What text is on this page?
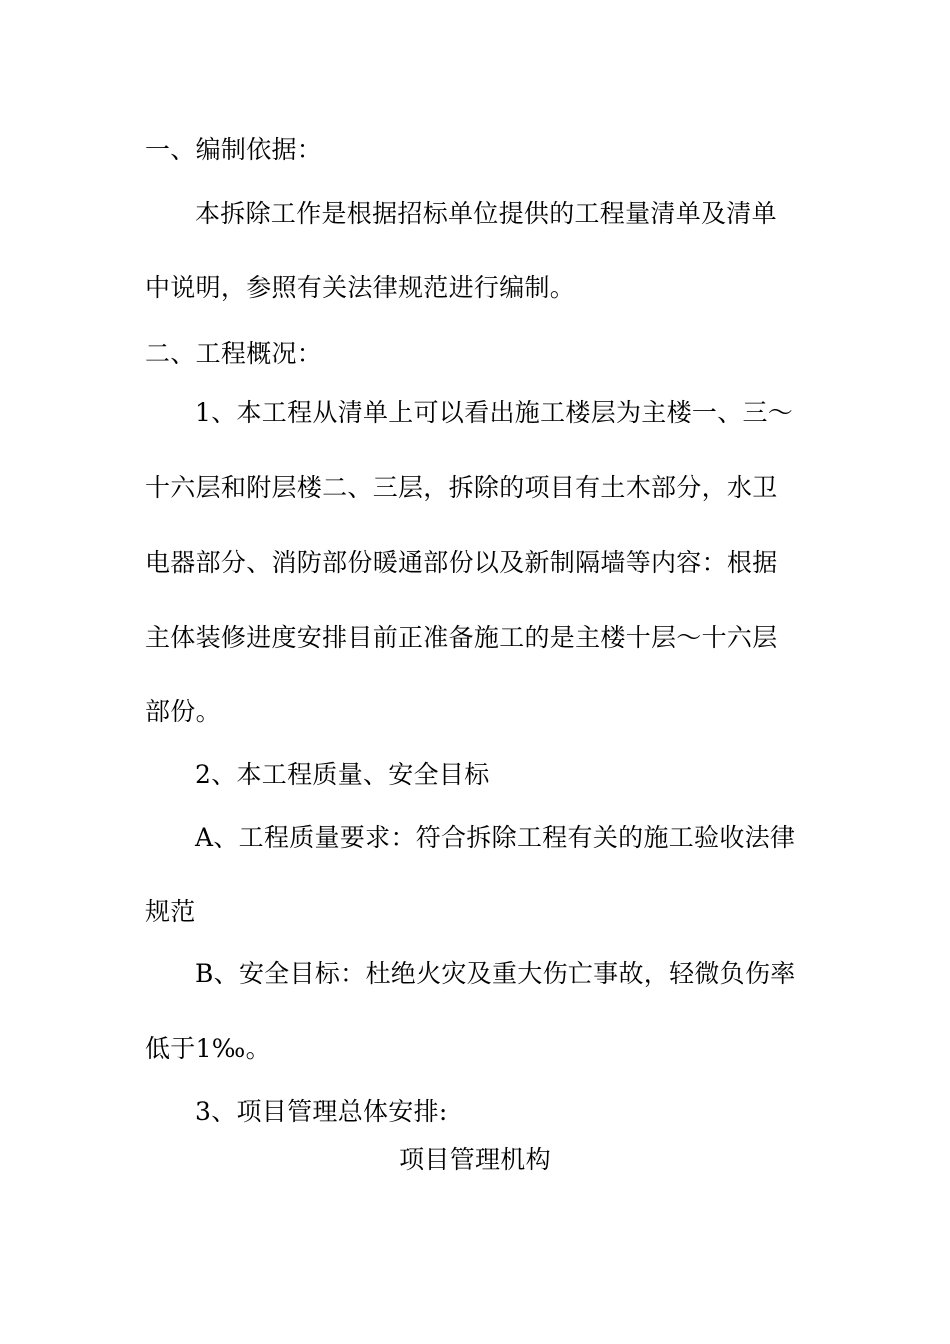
一、编制依据：
本拆除工作是根据招标单位提供的工程量清单及清单
中说明，参照有关法律规范进行编制。
二、工程概况：
1、本工程从清单上可以看出施工楼层为主楼一、三～
十六层和附层楼二、三层，拆除的项目有土木部分，水卫
电器部分、消防部份暖通部份以及新制隔墙等内容：根据
主体装修进度安排目前正准备施工的是主楼十层～十六层
部份。
2、本工程质量、安全目标
A、工程质量要求：符合拆除工程有关的施工验收法律
规范
B、安全目标：杜绝火灾及重大伤亡事故，轻微负伤率
低于1‰。
3、项目管理总体安排:
项目管理机构
